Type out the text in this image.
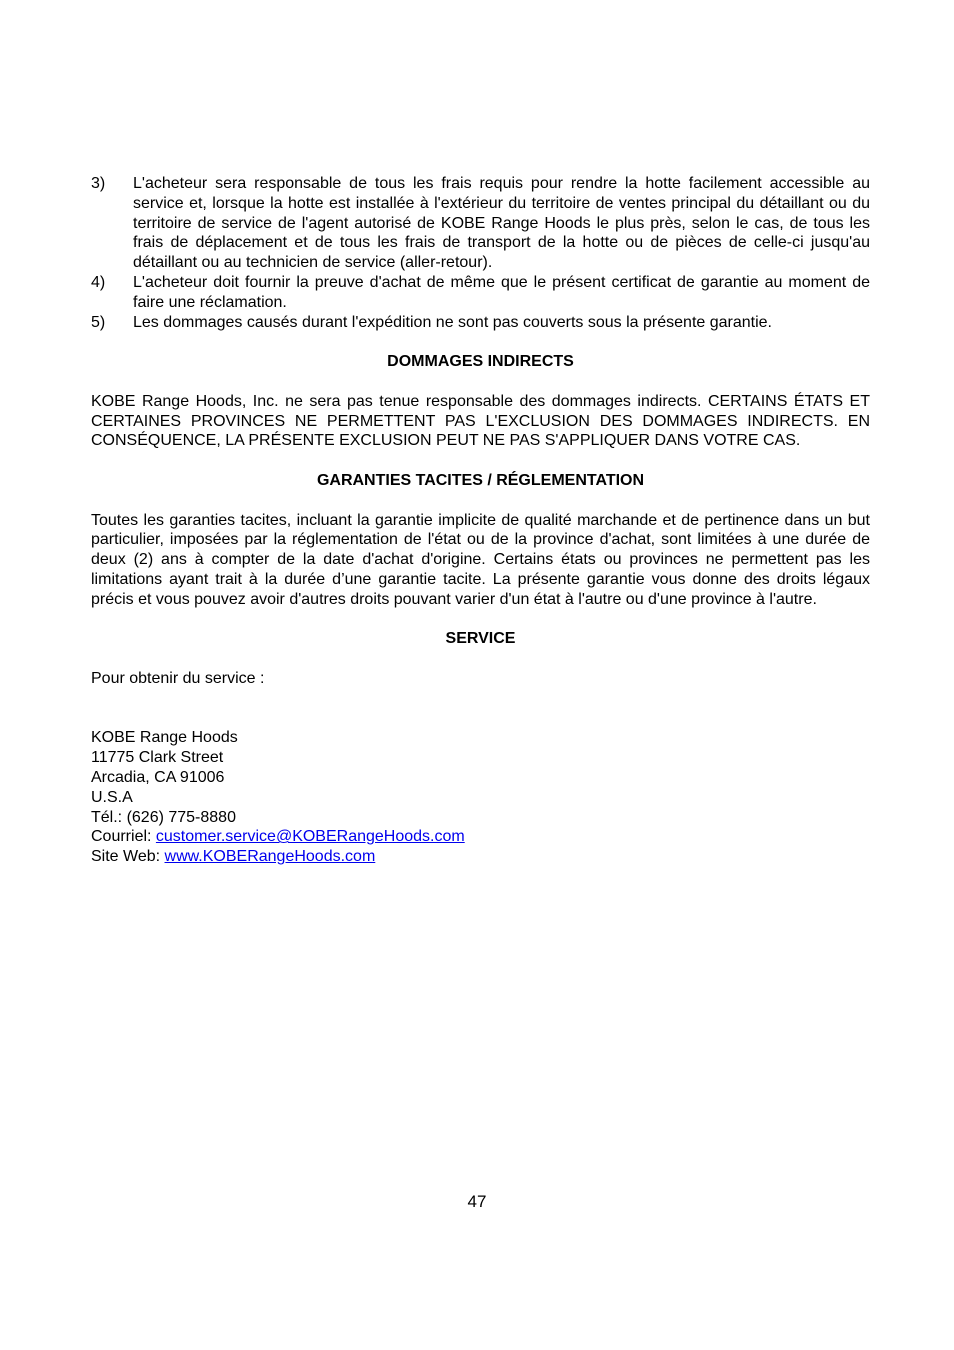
3)	L'acheteur sera responsable de tous les frais requis pour rendre la hotte facilement accessible au service et, lorsque la hotte est installée à l'extérieur du territoire de ventes principal du détaillant ou du territoire de service de l'agent autorisé de KOBE Range Hoods le plus près, selon le cas, de tous les frais de déplacement et de tous les frais de transport de la hotte ou de pièces de celle-ci jusqu'au détaillant ou au technicien de service (aller-retour).
4)	L'acheteur doit fournir la preuve d'achat de même que le présent certificat de garantie au moment de faire une réclamation.
5)	Les dommages causés durant l'expédition ne sont pas couverts sous la présente garantie.

DOMMAGES INDIRECTS

KOBE Range Hoods, Inc. ne sera pas tenue responsable des dommages indirects. CERTAINS ÉTATS ET CERTAINES PROVINCES NE PERMETTENT PAS L'EXCLUSION DES DOMMAGES INDIRECTS. EN CONSÉQUENCE, LA PRÉSENTE EXCLUSION PEUT NE PAS S'APPLIQUER DANS VOTRE CAS.

GARANTIES TACITES / RÉGLEMENTATION

Toutes les garanties tacites, incluant la garantie implicite de qualité marchande et de pertinence dans un but particulier, imposées par la réglementation de l'état ou de la province d'achat, sont limitées à une durée de deux (2) ans à compter de la date d'achat d'origine. Certains états ou provinces ne permettent pas les limitations ayant trait à la durée d’une garantie tacite. La présente garantie vous donne des droits légaux précis et vous pouvez avoir d'autres droits pouvant varier d'un état à l'autre ou d'une province à l'autre.

SERVICE

Pour obtenir du service :

KOBE Range Hoods

11775 Clark Street

Arcadia, CA 91006

U.S.A

Tél.: (626) 775-8880

Courriel: customer.service@KOBERangeHoods.com

Site Web: www.KOBERangeHoods.com

47
